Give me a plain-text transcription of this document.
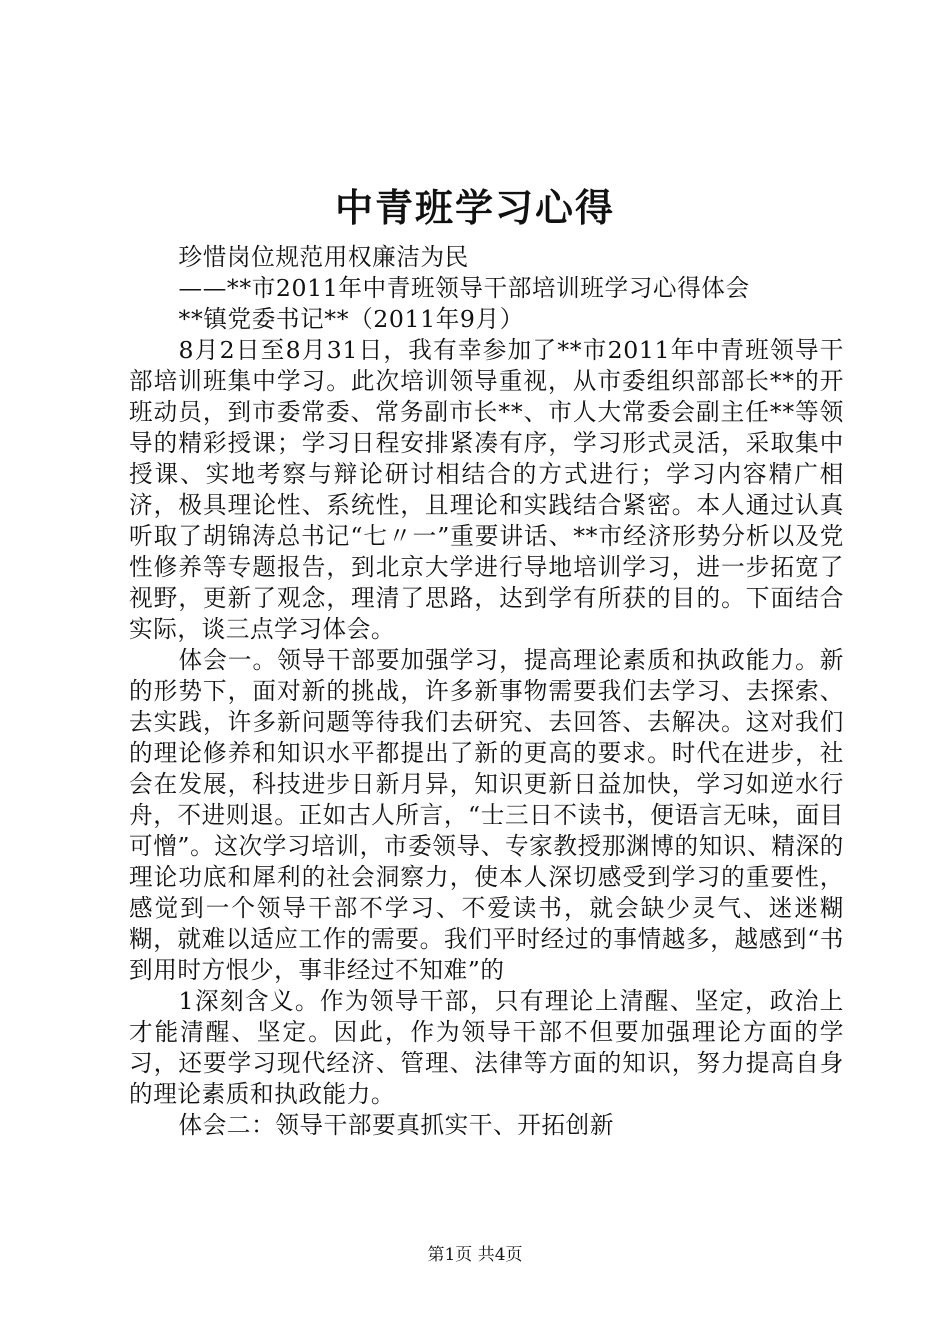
中青班学习心得

珍惜岗位规范用权廉洁为民

——**市2011年中青班领导干部培训班学习心得体会

**镇党委书记**（2011年9月）

8月2日至8月31日，我有幸参加了**市2011年中青班领导干部培训班集中学习。此次培训领导重视，从市委组织部部长**的开班动员，到市委常委、常务副市长**、市人大常委会副主任**等领导的精彩授课；学习日程安排紧凑有序，学习形式灵活，采取集中授课、实地考察与辩论研讨相结合的方式进行；学习内容精广相济，极具理论性、系统性，且理论和实践结合紧密。本人通过认真听取了胡锦涛总书记“七〃一”重要讲话、**市经济形势分析以及党性修养等专题报告，到北京大学进行导地培训学习，进一步拓宽了视野，更新了观念，理清了思路，达到学有所获的目的。下面结合实际，谈三点学习体会。

体会一。领导干部要加强学习，提高理论素质和执政能力。新的形势下，面对新的挑战，许多新事物需要我们去学习、去探索、去实践，许多新问题等待我们去研究、去回答、去解决。这对我们的理论修养和知识水平都提出了新的更高的要求。时代在进步，社会在发展，科技进步日新月异，知识更新日益加快，学习如逆水行舟，不进则退。正如古人所言，“士三日不读书，便语言无味，面目可憎”。这次学习培训，市委领导、专家教授那渊博的知识、精深的理论功底和犀利的社会洞察力，使本人深切感受到学习的重要性，感觉到一个领导干部不学习、不爱读书，就会缺少灵气、迷迷糊糊，就难以适应工作的需要。我们平时经过的事情越多，越感到“书到用时方恨少，事非经过不知难”的

1深刻含义。作为领导干部，只有理论上清醒、坚定，政治上才能清醒、坚定。因此，作为领导干部不但要加强理论方面的学习，还要学习现代经济、管理、法律等方面的知识，努力提高自身的理论素质和执政能力。

体会二：领导干部要真抓实干、开拓创新

第1页 共4页
